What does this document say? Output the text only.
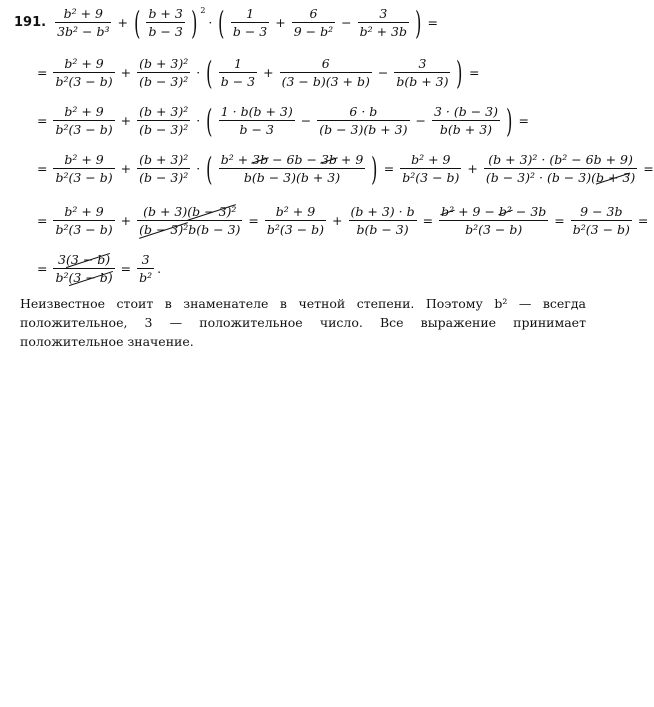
191. $\frac{\text{b² + 9}}{\text{3b² − b³}}$ + ( $\frac{b + 3}{b - 3}$ ) 2
· ( $\frac{1}{b - 3} + \frac{6}{\text{9 − b²}} - \frac{3}{\text{b² + 3b}}$ ) =
= $\frac{\text{b² + 9}}{\text{b²(3 − b)}} + \frac{\text{(b + 3)²}}{\text{(b − 3)²}}$ · ( $\frac{1}{b - 3} + \frac{6}{(3 - b)(3 + b)} - \frac{3}{b(b + 3)}$ ) =
= $\frac{\text{b² + 9}}{\text{b²(3 − b)}} + \frac{\text{(b + 3)²}}{\text{(b − 3)²}}$ · ( $\frac{1 \cdot b(b + 3)}{b - 3} - \frac{6 \cdot b}{(b - 3)(b + 3)} - \frac{3 \cdot (b - 3)}{b(b + 3)}$ ) =
= $\frac{\text{b² + 9}}{\text{b²(3 − b)}} + \frac{\text{(b + 3)²}}{\text{(b − 3)²}}$ · ( $\frac{\text{b² + 3b − 6b − 3b + 9}}{b(b - 3)(b + 3)}$ ) = $\frac{\text{b² + 9}}{\text{b²(3 − b)}} + \frac{\text{(b + 3)² · (b² − 6b + 9)}}{\text{(b − 3)² · (b − 3)(b + 3)}}$ =
= $\frac{\text{b² + 9}}{\text{b²(3 − b)}} + \frac{\text{(b + 3)(b − 3)²}}{\text{(b − 3)²b(b − 3)}} = \frac{\text{b² + 9}}{\text{b²(3 − b)}} + \frac{(b + 3) \cdot b}{b(b - 3)} = \frac{\text{b² + 9 − b² − 3b}}{\text{b²(3 − b)}} = \frac{9 - 3b}{\text{b²(3 − b)}}$ =
= $\frac{3(3 - b)}{\text{b²(3 − b)}} = \frac{3}{\text{b²}}$ .
Неизвестное стоит в знаменателе в четной степени. Поэтому b² — всегда положительное, 3 — положительное число. Все выражение принимает положительное значение.
